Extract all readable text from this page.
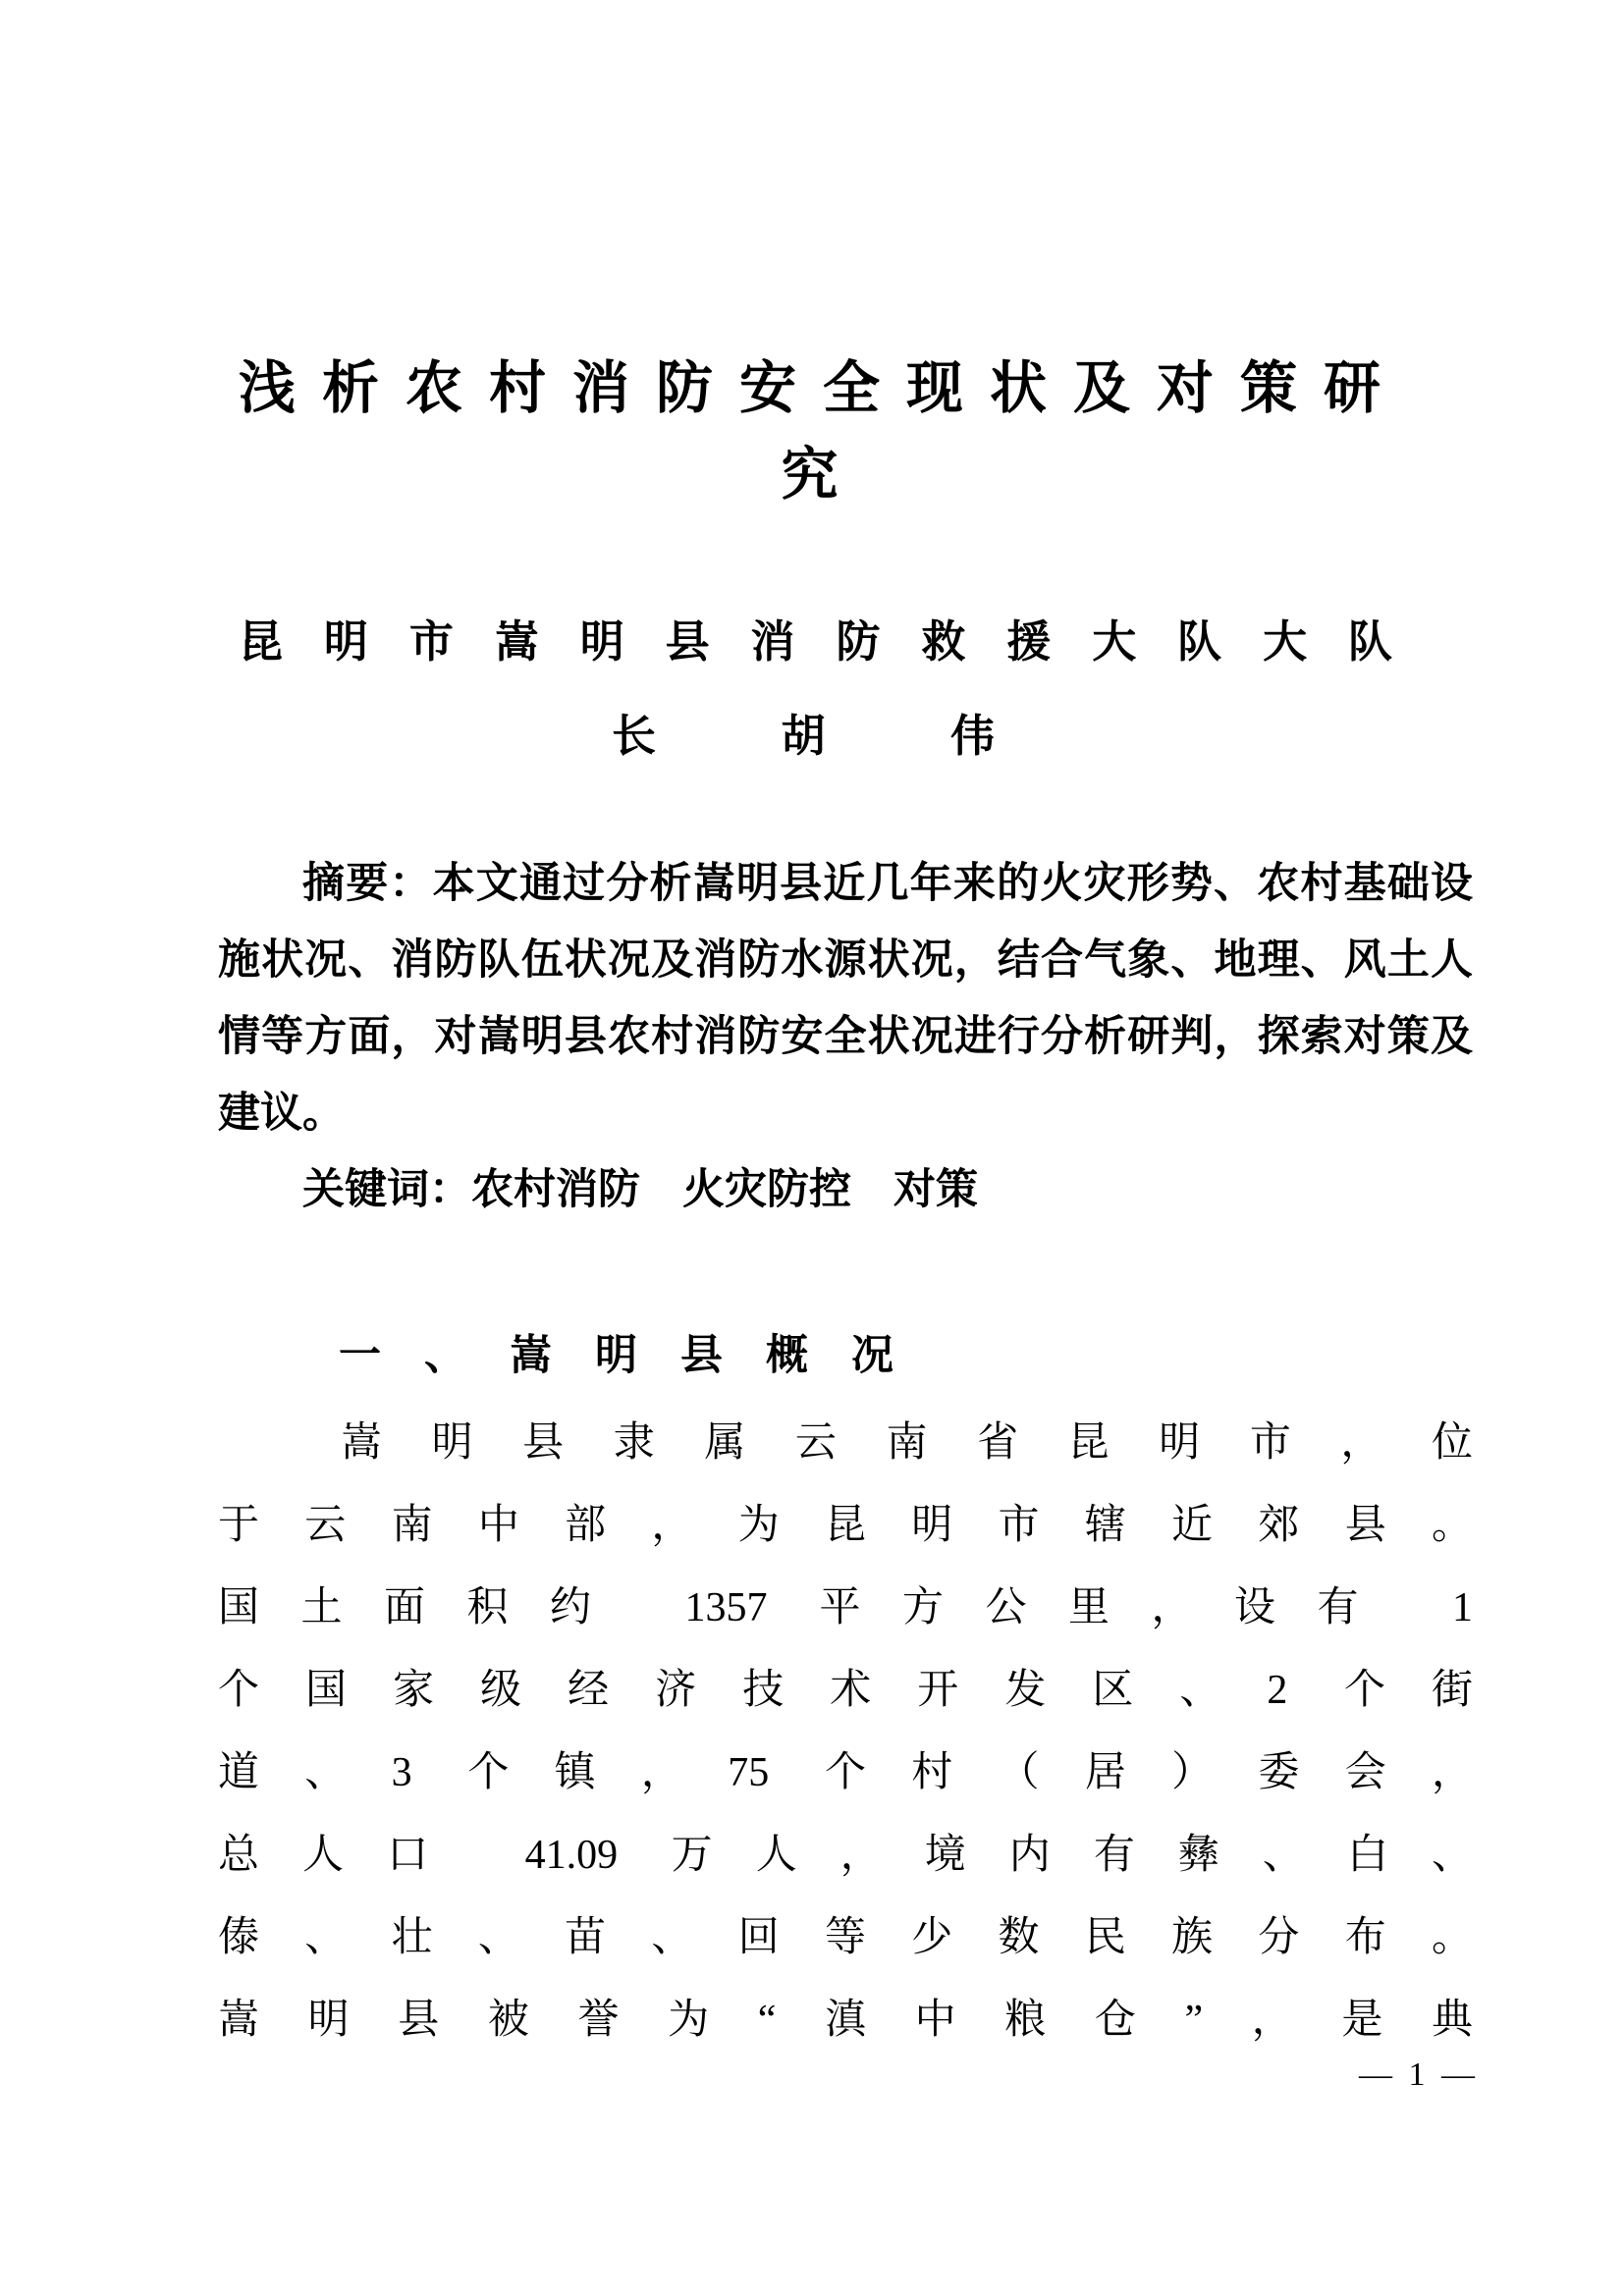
浅析农村消防安全现状及对策研
究
昆明市嵩明县消防救援大队大队
长胡伟
摘要：本文通过分析嵩明县近几年来的火灾形势、农村基础设
施状况、消防队伍状况及消防水源状况，结合气象、地理、风土人
情等方面，对嵩明县农村消防安全状况进行分析研判，探索对策及
建议。
关键词：农村消防　火灾防控　对策
一、嵩明县概况
嵩明县隶属云南省昆明市，位
于云南中部，为昆明市辖近郊县。
国土面积约 1357 平方公里，设有 1
个国家级经济技术开发区、2 个街
道、3 个镇，75 个村（居）委会，
总人口 41.09 万人，境内有彝、白、
傣、壮、苗、回等少数民族分布。
嵩明县被誉为“滇中粮仓”，是典
— 1 —
